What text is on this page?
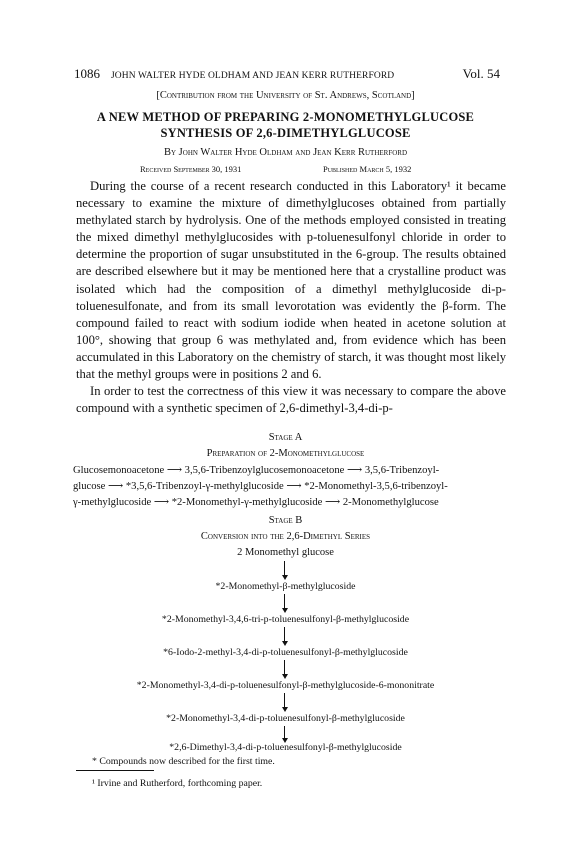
1086 JOHN WALTER HYDE OLDHAM AND JEAN KERR RUTHERFORD	Vol. 54
[Contribution from the University of St. Andrews, Scotland]
A NEW METHOD OF PREPARING 2-MONOMETHYLGLUCOSE
SYNTHESIS OF 2,6-DIMETHYLGLUCOSE
By John Walter Hyde Oldham and Jean Kerr Rutherford
Received September 30, 1931	Published March 5, 1932

During the course of a recent research conducted in this Laboratory¹ it became necessary to examine the mixture of dimethylglucoses obtained from partially methylated starch by hydrolysis. One of the methods employed consisted in treating the mixed dimethyl methylglucosides with p-toluenesulfonyl chloride in order to determine the proportion of sugar unsubstituted in the 6-group. The results obtained are described elsewhere but it may be mentioned here that a crystalline product was isolated which had the composition of a dimethyl methylglucoside di-p-toluenesulfonate, and from its small levorotation was evidently the β-form. The compound failed to react with sodium iodide when heated in acetone solution at 100°, showing that group 6 was methylated and, from evidence which has been accumulated in this Laboratory on the chemistry of starch, it was thought most likely that the methyl groups were in positions 2 and 6.

In order to test the correctness of this view it was necessary to compare the above compound with a synthetic specimen of 2,6-dimethyl-3,4-di-p-

Stage A
Preparation of 2-Monomethylglucose
Glucosemonoacetone ⟶ 3,5,6-Tribenzoylglucosemonoacetone ⟶ 3,5,6-Tribenzoyl-
glucose ⟶ *3,5,6-Tribenzoyl-γ-methylglucoside ⟶ *2-Monomethyl-3,5,6-tribenzoyl-
γ-methylglucoside ⟶ *2-Monomethyl-γ-methylglucoside ⟶ 2-Monomethylglucose
Stage B
Conversion into the 2,6-Dimethyl Series
2 Monomethyl glucose
*2-Monomethyl-β-methylglucoside
*2-Monomethyl-3,4,6-tri-p-toluenesulfonyl-β-methylglucoside
*6-Iodo-2-methyl-3,4-di-p-toluenesulfonyl-β-methylglucoside
*2-Monomethyl-3,4-di-p-toluenesulfonyl-β-methylglucoside-6-mononitrate
*2-Monomethyl-3,4-di-p-toluenesulfonyl-β-methylglucoside
*2,6-Dimethyl-3,4-di-p-toluenesulfonyl-β-methylglucoside
* Compounds now described for the first time.
¹ Irvine and Rutherford, forthcoming paper.
